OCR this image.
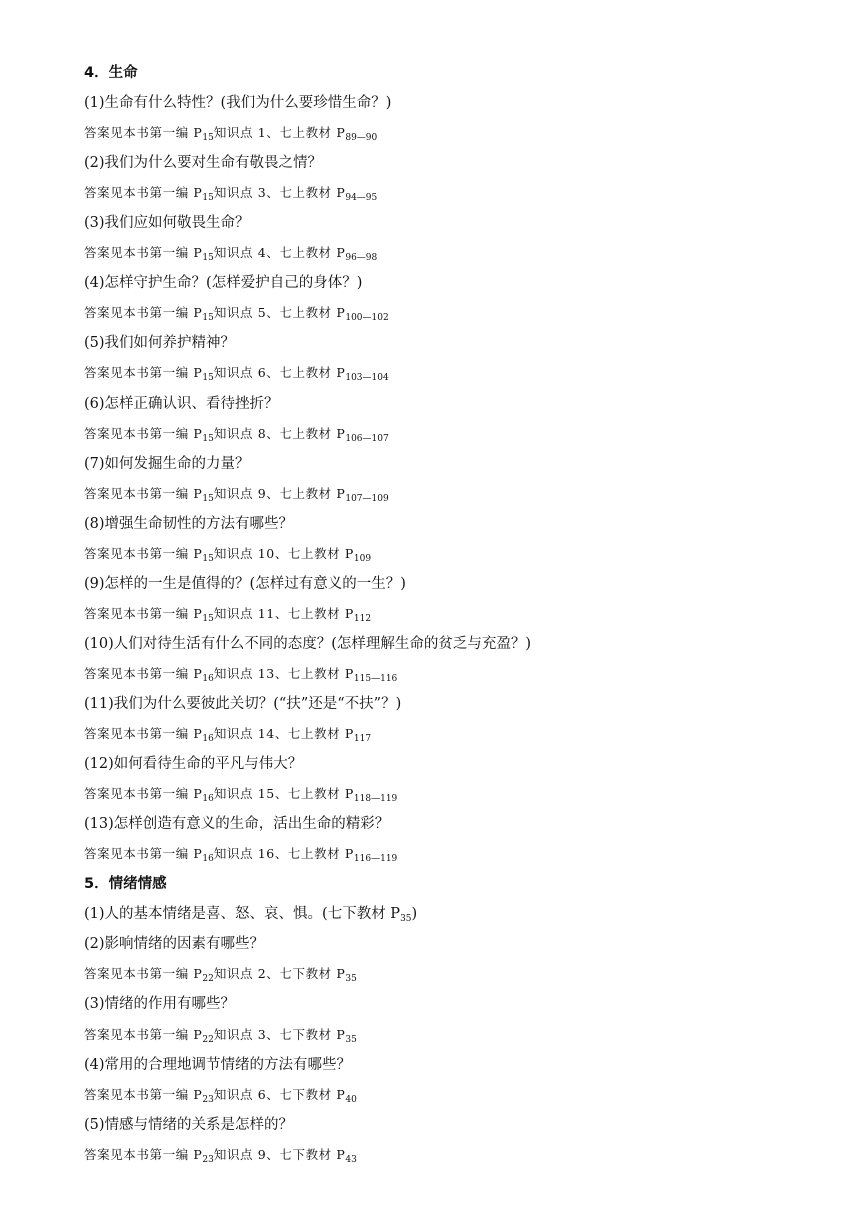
4．生命
(1)生命有什么特性？(我们为什么要珍惜生命？)
答案见本书第一编 $P_{15}$知识点 1、七上教材 $P_{89—90}$
(2)我们为什么要对生命有敬畏之情？
答案见本书第一编 $P_{15}$知识点 3、七上教材 $P_{94—95}$
(3)我们应如何敬畏生命？
答案见本书第一编 $P_{15}$知识点 4、七上教材 $P_{96—98}$
(4)怎样守护生命？(怎样爱护自己的身体？)
答案见本书第一编 $P_{15}$知识点 5、七上教材 $P_{100—102}$
(5)我们如何养护精神？
答案见本书第一编 $P_{15}$知识点 6、七上教材 $P_{103—104}$
(6)怎样正确认识、看待挫折？
答案见本书第一编 $P_{15}$知识点 8、七上教材 $P_{106—107}$
(7)如何发掘生命的力量？
答案见本书第一编 $P_{15}$知识点 9、七上教材 $P_{107—109}$
(8)增强生命韧性的方法有哪些？
答案见本书第一编 $P_{15}$知识点 10、七上教材 $P_{109}$
(9)怎样的一生是值得的？(怎样过有意义的一生？)
答案见本书第一编 $P_{15}$知识点 11、七上教材 $P_{112}$
(10)人们对待生活有什么不同的态度？(怎样理解生命的贫乏与充盈？)
答案见本书第一编 $P_{16}$知识点 13、七上教材 $P_{115—116}$
(11)我们为什么要彼此关切？(“扶”还是“不扶”？)
答案见本书第一编 $P_{16}$知识点 14、七上教材 $P_{117}$
(12)如何看待生命的平凡与伟大？
答案见本书第一编 $P_{16}$知识点 15、七上教材 $P_{118—119}$
(13)怎样创造有意义的生命，活出生命的精彩？
答案见本书第一编 $P_{16}$知识点 16、七上教材 $P_{116—119}$
5．情绪情感
(1)人的基本情绪是喜、怒、哀、惧。(七下教材 $P_{35}$)
(2)影响情绪的因素有哪些？
答案见本书第一编 $P_{22}$知识点 2、七下教材 $P_{35}$
(3)情绪的作用有哪些？
答案见本书第一编 $P_{22}$知识点 3、七下教材 $P_{35}$
(4)常用的合理地调节情绪的方法有哪些？
答案见本书第一编 $P_{23}$知识点 6、七下教材 $P_{40}$
(5)情感与情绪的关系是怎样的？
答案见本书第一编 $P_{23}$知识点 9、七下教材 $P_{43}$
